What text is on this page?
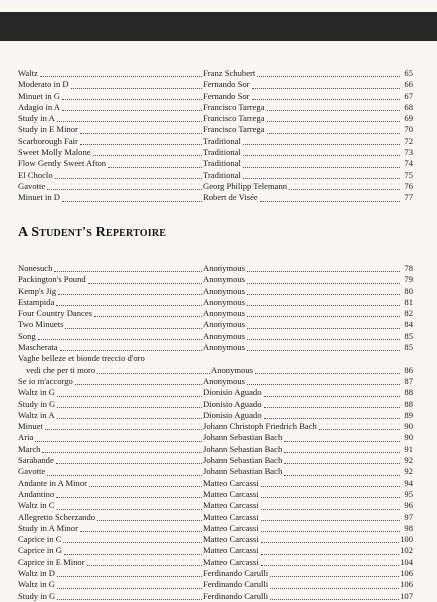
Waltz	Franz Schubert	65
Moderato in D	Fernando Sor	66
Minuet in G	Fernando Sor	67
Adagio in A	Francisco Tarrega	68
Study in A	Francisco Tarrega	69
Study in E Minor	Francisco Tarrega	70
Scarborough Fair	Traditional	72
Sweet Molly Malone	Traditional	73
Flow Gently Sweet Afton	Traditional	74
El Choclo	Traditional	75
Gavotte	Georg Philipp Telemann	76
Minuet in D	Robert de Visée	77
A Student's Repertoire
Nonesuch	Anonymous	78
Packington's Pound	Anonymous	79
Kemp's Jig	Anonymous	80
Estampida	Anonymous	81
Four Country Dances	Anonymous	82
Two Minuets	Anonymous	84
Song	Anonymous	85
Mascherata	Anonymous	85
Vaghe belleze et bionde treccio d'oro
vedi che per ti moro	Anonymous	86
Se io m'accorgo	Anonymous	87
Waltz in G	Dionisio Aguado	88
Study in G	Dionisio Aguado	88
Waltz in A	Dionisio Aguado	89
Minuet	Johann Christoph Friedrich Bach	90
Aria	Johann Sebastian Bach	90
March	Johann Sebastian Bach	91
Sarabande	Johann Sebastian Bach	92
Gavotte	Johann Sebastian Bach	92
Andante in A Minor	Matteo Carcassi	94
Andantino	Matteo Carcassi	95
Waltz in C	Matteo Carcassi	96
Allegretto Scherzando	Matteo Carcassi	97
Study in A Minor	Matteo Carcassi	98
Caprice in C	Matteo Carcassi	100
Caprice in G	Matteo Carcassi	102
Caprice in E Minor	Matteo Carcassi	104
Waltz in D	Ferdinando Carulli	106
Waltz in G	Ferdinando Carulli	106
Study in G	Ferdinando Carulli	107
